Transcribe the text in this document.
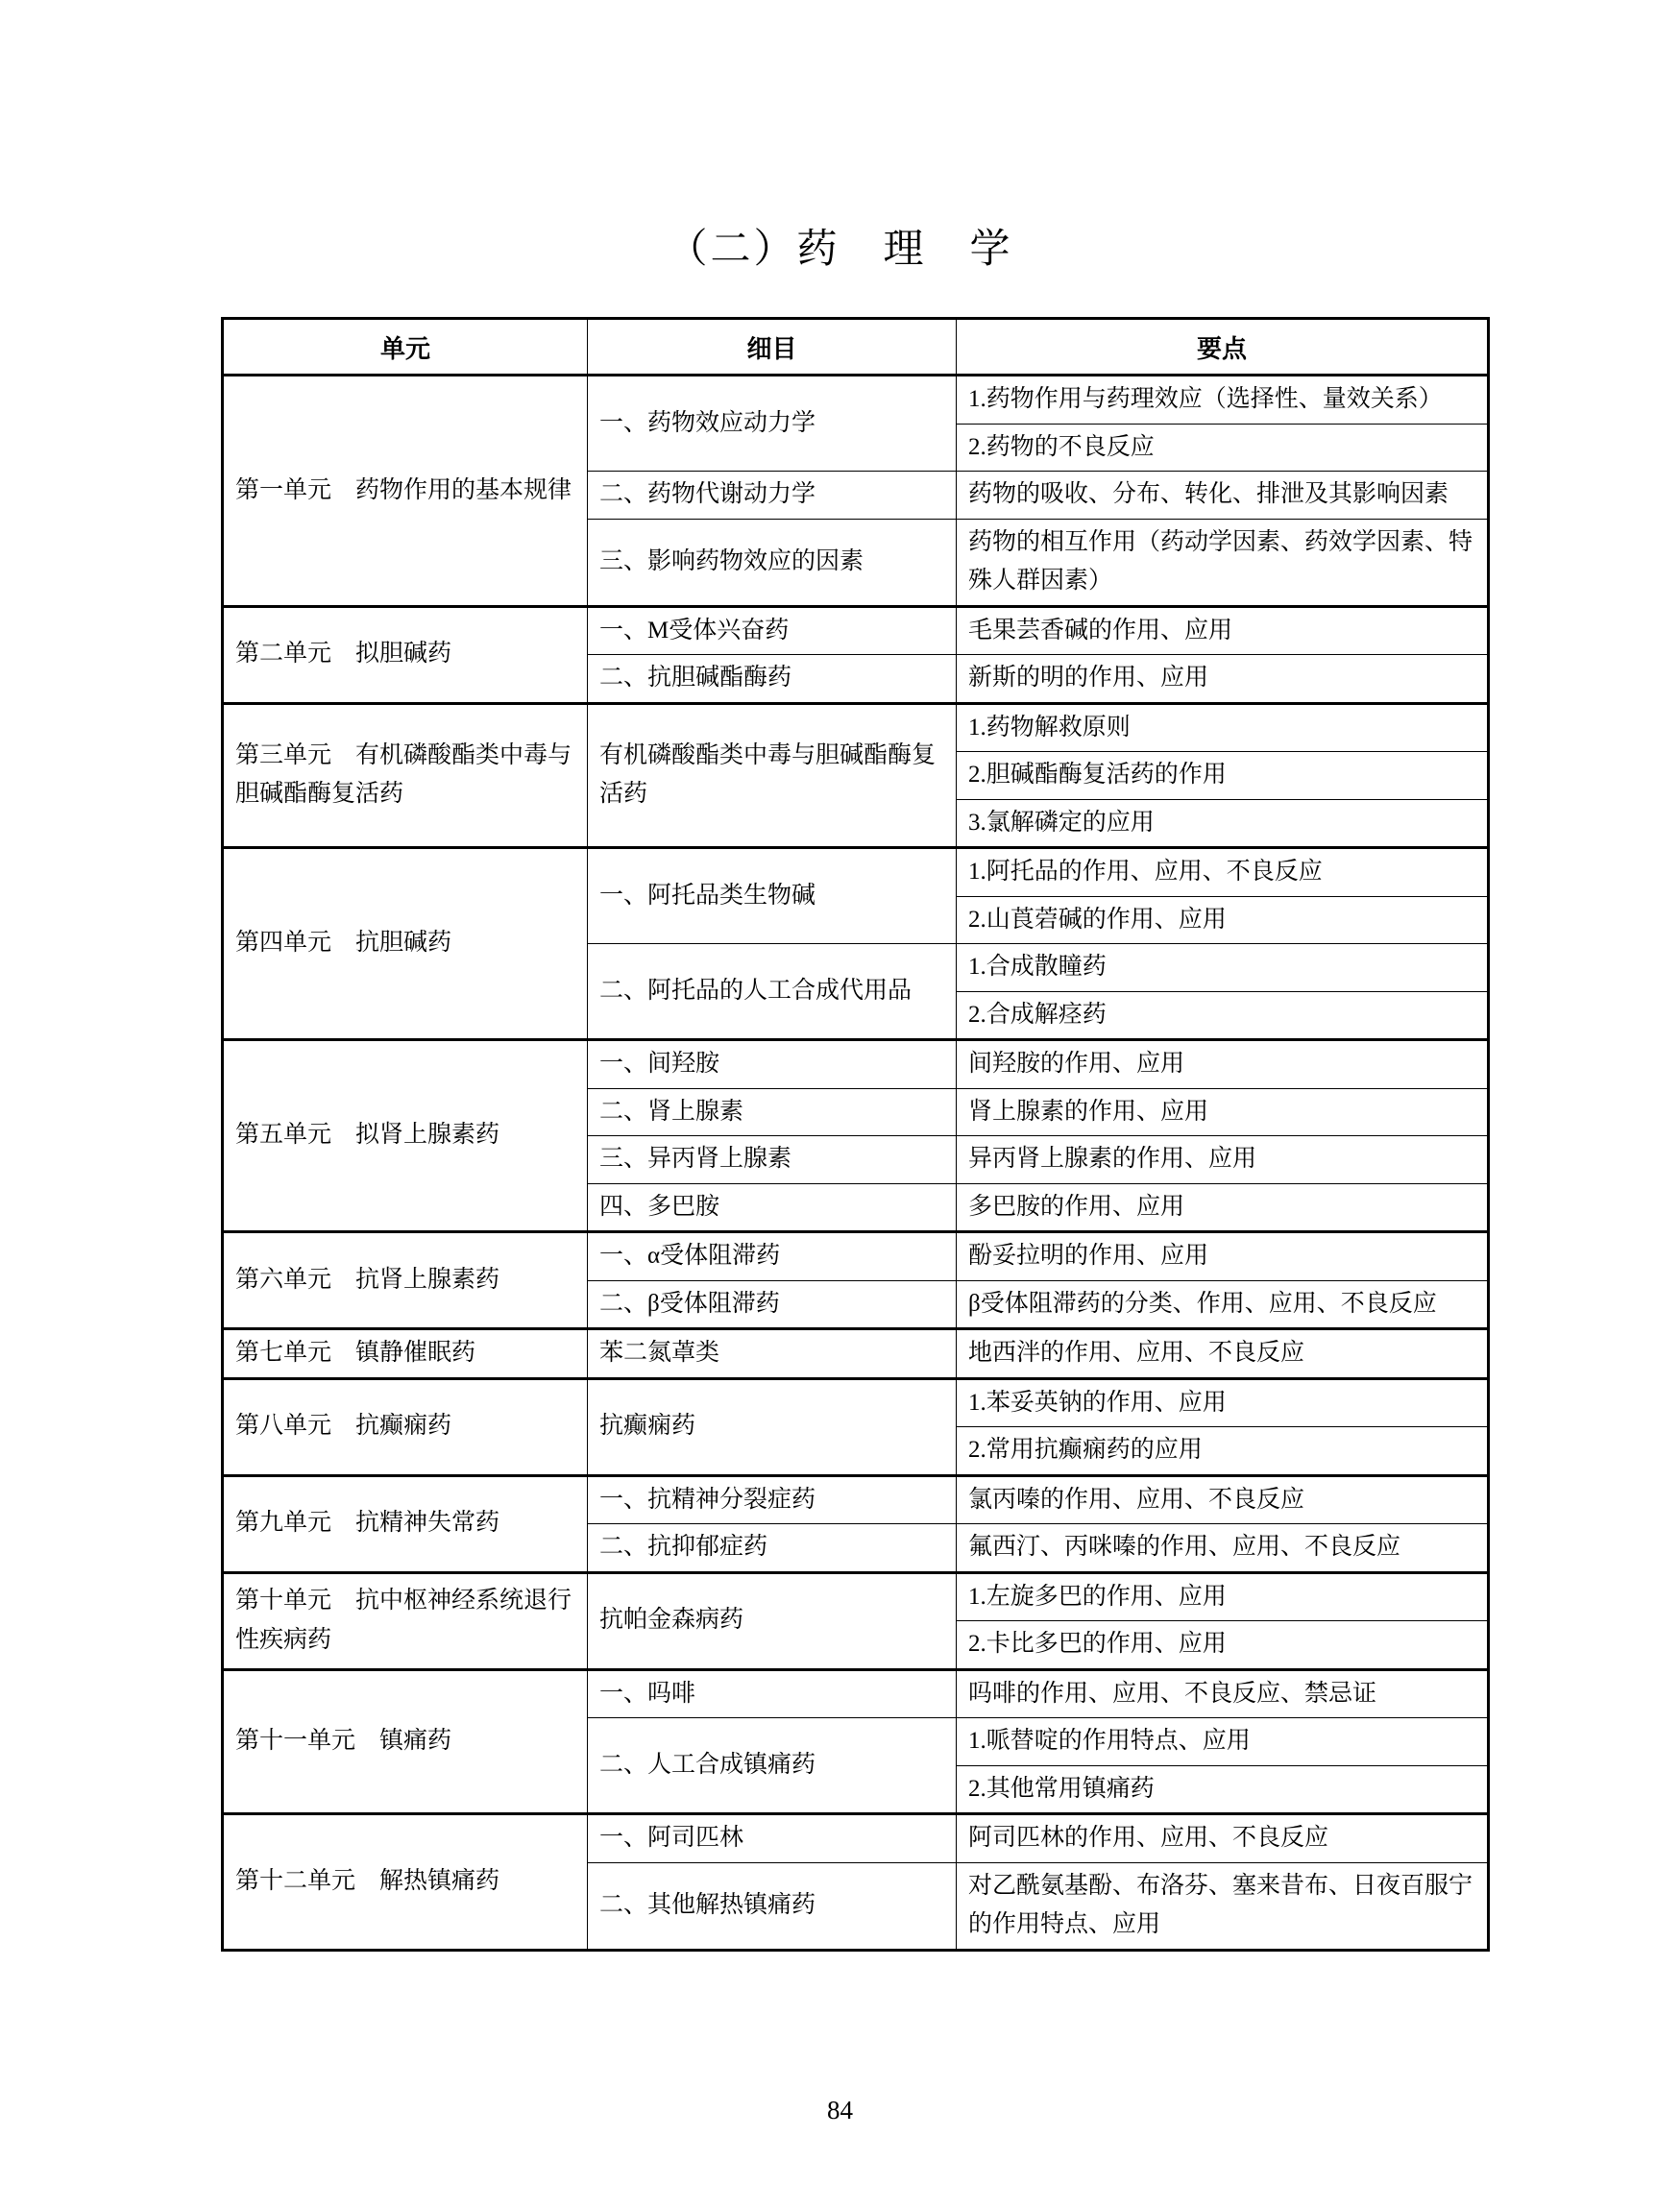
（二）药　理　学
单元	细目	要点
第一单元　药物作用的基本规律	一、药物效应动力学	1.药物作用与药理效应（选择性、量效关系）
		2.药物的不良反应
	二、药物代谢动力学	药物的吸收、分布、转化、排泄及其影响因素
	三、影响药物效应的因素	药物的相互作用（药动学因素、药效学因素、特殊人群因素）
第二单元　拟胆碱药	一、M受体兴奋药	毛果芸香碱的作用、应用
	二、抗胆碱酯酶药	新斯的明的作用、应用
第三单元　有机磷酸酯类中毒与胆碱酯酶复活药	有机磷酸酯类中毒与胆碱酯酶复活药	1.药物解救原则
		2.胆碱酯酶复活药的作用
		3.氯解磷定的应用
第四单元　抗胆碱药	一、阿托品类生物碱	1.阿托品的作用、应用、不良反应
		2.山莨菪碱的作用、应用
	二、阿托品的人工合成代用品	1.合成散瞳药
		2.合成解痉药
第五单元　拟肾上腺素药	一、间羟胺	间羟胺的作用、应用
	二、肾上腺素	肾上腺素的作用、应用
	三、异丙肾上腺素	异丙肾上腺素的作用、应用
	四、多巴胺	多巴胺的作用、应用
第六单元　抗肾上腺素药	一、α受体阻滞药	酚妥拉明的作用、应用
	二、β受体阻滞药	β受体阻滞药的分类、作用、应用、不良反应
第七单元　镇静催眠药	苯二氮䓬类	地西泮的作用、应用、不良反应
第八单元　抗癫痫药	抗癫痫药	1.苯妥英钠的作用、应用
		2.常用抗癫痫药的应用
第九单元　抗精神失常药	一、抗精神分裂症药	氯丙嗪的作用、应用、不良反应
	二、抗抑郁症药	氟西汀、丙咪嗪的作用、应用、不良反应
第十单元　抗中枢神经系统退行性疾病药	抗帕金森病药	1.左旋多巴的作用、应用
		2.卡比多巴的作用、应用
第十一单元　镇痛药	一、吗啡	吗啡的作用、应用、不良反应、禁忌证
	二、人工合成镇痛药	1.哌替啶的作用特点、应用
		2.其他常用镇痛药
第十二单元　解热镇痛药	一、阿司匹林	阿司匹林的作用、应用、不良反应
	二、其他解热镇痛药	对乙酰氨基酚、布洛芬、塞来昔布、日夜百服宁的作用特点、应用
84
